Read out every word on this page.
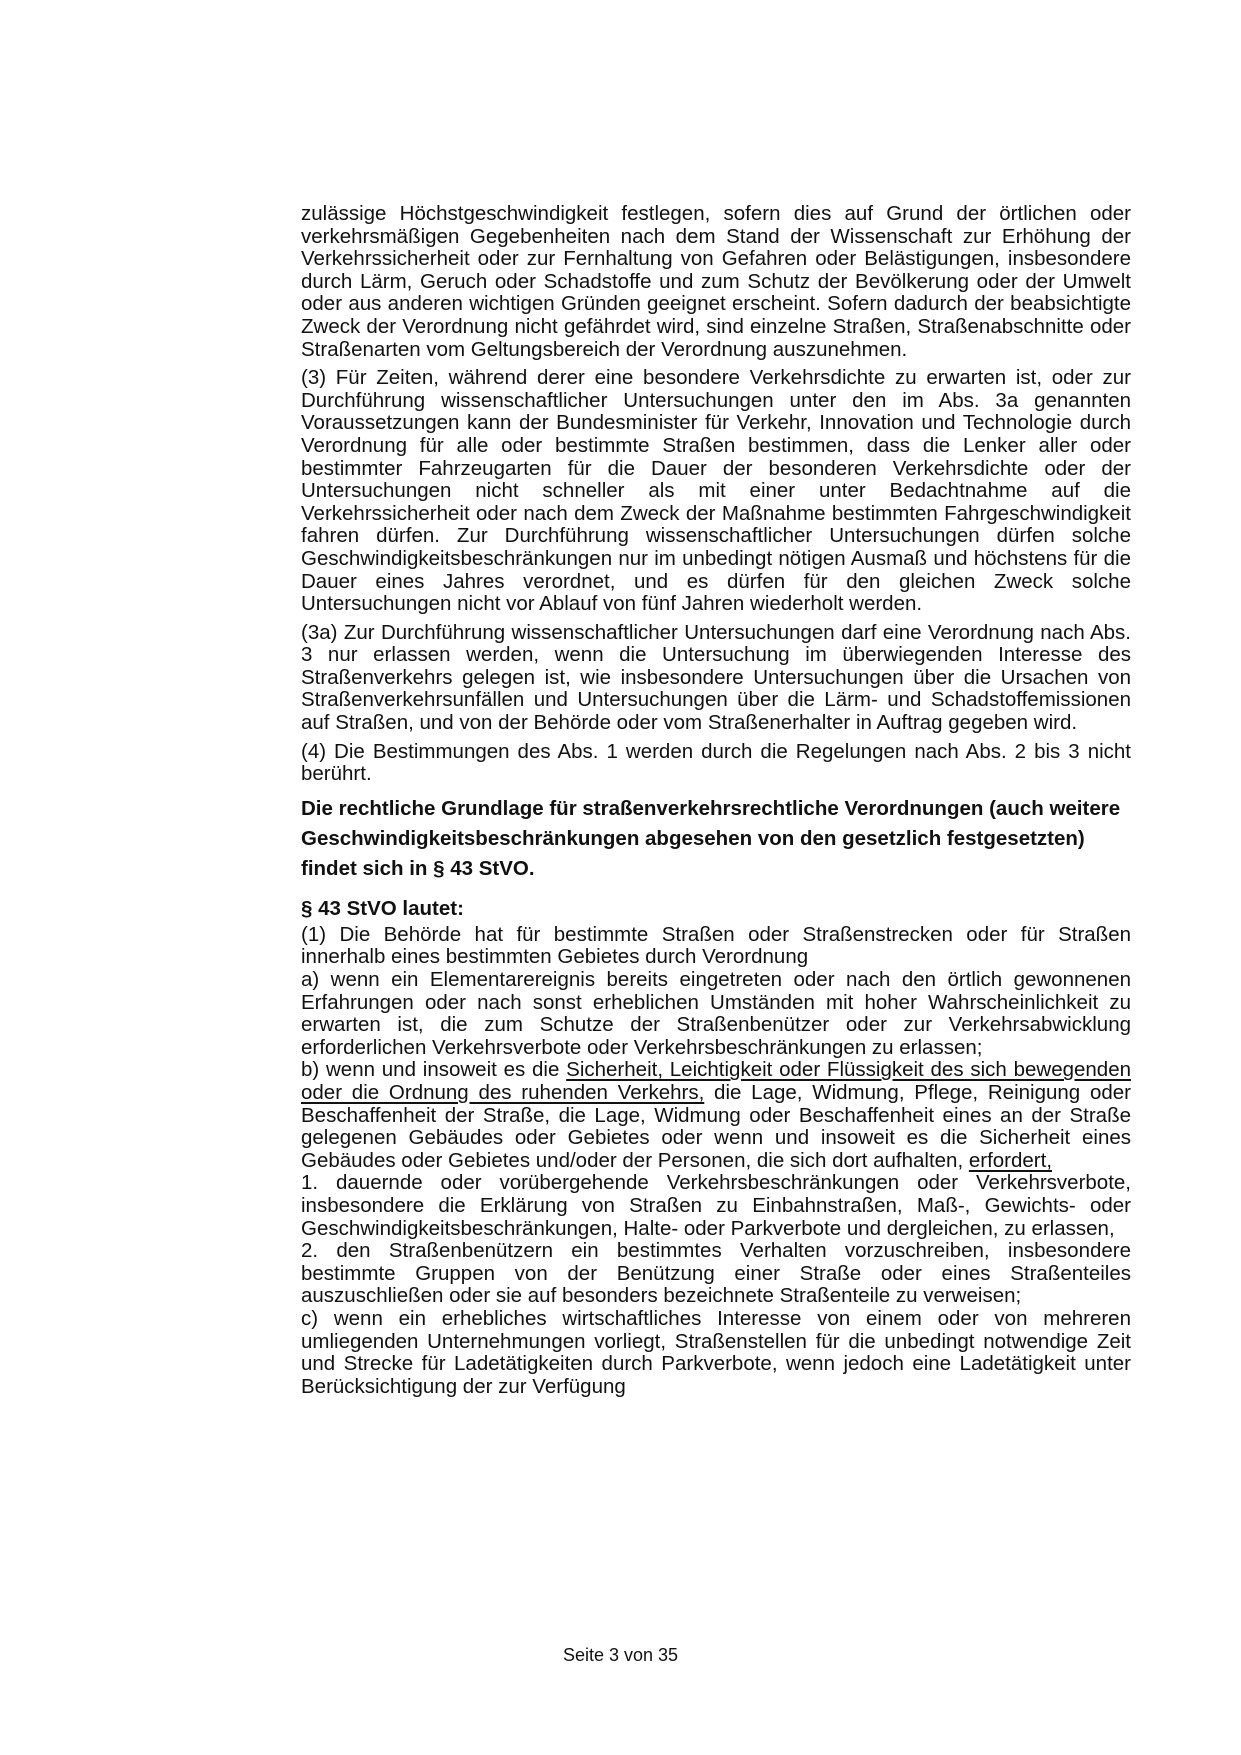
zulässige Höchstgeschwindigkeit festlegen, sofern dies auf Grund der örtlichen oder verkehrsmäßigen Gegebenheiten nach dem Stand der Wissenschaft zur Erhöhung der Verkehrssicherheit oder zur Fernhaltung von Gefahren oder Belästigungen, insbesondere durch Lärm, Geruch oder Schadstoffe und zum Schutz der Bevölkerung oder der Umwelt oder aus anderen wichtigen Gründen geeignet erscheint. Sofern dadurch der beabsichtigte Zweck der Verordnung nicht gefährdet wird, sind einzelne Straßen, Straßenabschnitte oder Straßenarten vom Geltungsbereich der Verordnung auszunehmen.

(3) Für Zeiten, während derer eine besondere Verkehrsdichte zu erwarten ist, oder zur Durchführung wissenschaftlicher Untersuchungen unter den im Abs. 3a genannten Voraussetzungen kann der Bundesminister für Verkehr, Innovation und Technologie durch Verordnung für alle oder bestimmte Straßen bestimmen, dass die Lenker aller oder bestimmter Fahrzeugarten für die Dauer der besonderen Verkehrsdichte oder der Untersuchungen nicht schneller als mit einer unter Bedachtnahme auf die Verkehrssicherheit oder nach dem Zweck der Maßnahme bestimmten Fahrgeschwindigkeit fahren dürfen. Zur Durchführung wissenschaftlicher Untersuchungen dürfen solche Geschwindigkeitsbeschränkungen nur im unbedingt nötigen Ausmaß und höchstens für die Dauer eines Jahres verordnet, und es dürfen für den gleichen Zweck solche Untersuchungen nicht vor Ablauf von fünf Jahren wiederholt werden.

(3a) Zur Durchführung wissenschaftlicher Untersuchungen darf eine Verordnung nach Abs. 3 nur erlassen werden, wenn die Untersuchung im überwiegenden Interesse des Straßenverkehrs gelegen ist, wie insbesondere Untersuchungen über die Ursachen von Straßenverkehrsunfällen und Untersuchungen über die Lärm- und Schadstoffemissionen auf Straßen, und von der Behörde oder vom Straßenerhalter in Auftrag gegeben wird.

(4) Die Bestimmungen des Abs. 1 werden durch die Regelungen nach Abs. 2 bis 3 nicht berührt.

Die rechtliche Grundlage für straßenverkehrsrechtliche Verordnungen (auch weitere Geschwindigkeitsbeschränkungen abgesehen von den gesetzlich festgesetzten) findet sich in § 43 StVO.

§ 43 StVO lautet:

(1) Die Behörde hat für bestimmte Straßen oder Straßenstrecken oder für Straßen innerhalb eines bestimmten Gebietes durch Verordnung

a) wenn ein Elementarereignis bereits eingetreten oder nach den örtlich gewonnenen Erfahrungen oder nach sonst erheblichen Umständen mit hoher Wahrscheinlichkeit zu erwarten ist, die zum Schutze der Straßenbenützer oder zur Verkehrsabwicklung erforderlichen Verkehrsverbote oder Verkehrsbeschränkungen zu erlassen;

b) wenn und insoweit es die Sicherheit, Leichtigkeit oder Flüssigkeit des sich bewegenden oder die Ordnung des ruhenden Verkehrs, die Lage, Widmung, Pflege, Reinigung oder Beschaffenheit der Straße, die Lage, Widmung oder Beschaffenheit eines an der Straße gelegenen Gebäudes oder Gebietes oder wenn und insoweit es die Sicherheit eines Gebäudes oder Gebietes und/oder der Personen, die sich dort aufhalten, erfordert,

1. dauernde oder vorübergehende Verkehrsbeschränkungen oder Verkehrsverbote, insbesondere die Erklärung von Straßen zu Einbahnstraßen, Maß-, Gewichts- oder Geschwindigkeitsbeschränkungen, Halte- oder Parkverbote und dergleichen, zu erlassen,

2. den Straßenbenützern ein bestimmtes Verhalten vorzuschreiben, insbesondere bestimmte Gruppen von der Benützung einer Straße oder eines Straßenteiles auszuschließen oder sie auf besonders bezeichnete Straßenteile zu verweisen;

c) wenn ein erhebliches wirtschaftliches Interesse von einem oder von mehreren umliegenden Unternehmungen vorliegt, Straßenstellen für die unbedingt notwendige Zeit und Strecke für Ladetätigkeiten durch Parkverbote, wenn jedoch eine Ladetätigkeit unter Berücksichtigung der zur Verfügung

Seite 3 von 35
